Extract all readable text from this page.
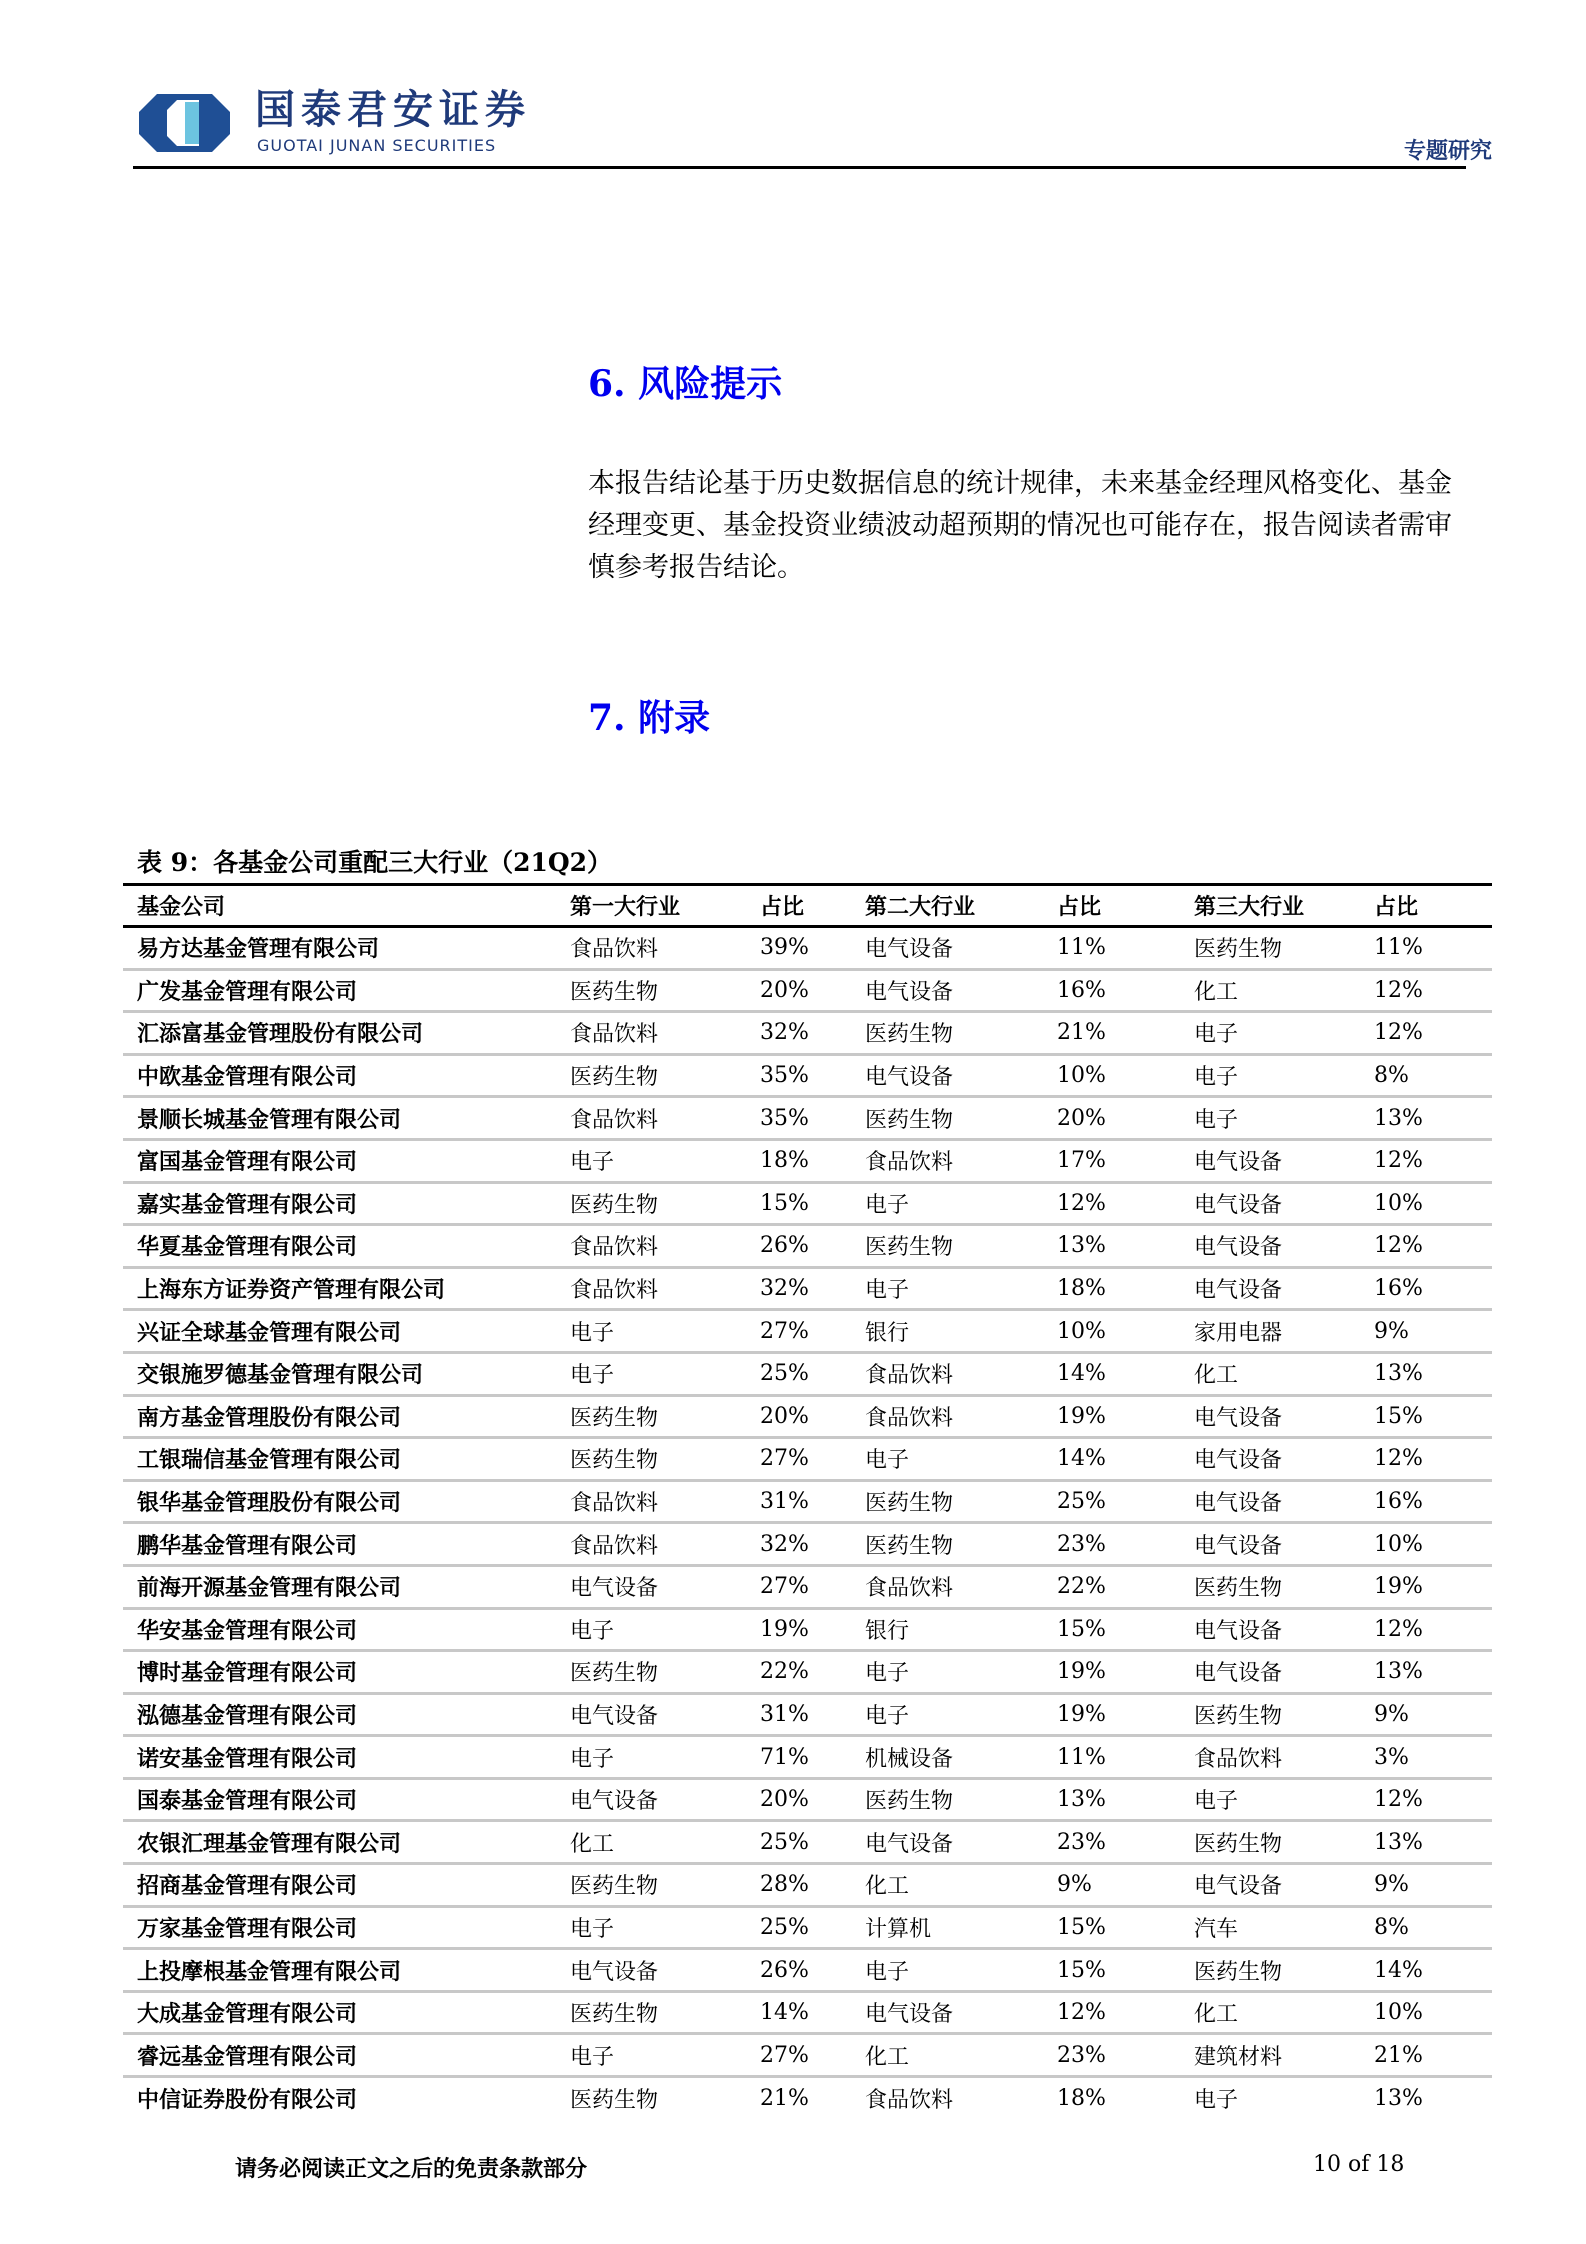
国泰君安证券
GUOTAI JUNAN SECURITIES	专题研究
6. 风险提示
本报告结论基于历史数据信息的统计规律，未来基金经理风格变化、基金经理变更、基金投资业绩波动超预期的情况也可能存在，报告阅读者需审慎参考报告结论。
7. 附录
表 9：各基金公司重配三大行业（21Q2）
基金公司	第一大行业	占比	第二大行业	占比	第三大行业	占比
易方达基金管理有限公司	食品饮料	39%	电气设备	11%	医药生物	11%
广发基金管理有限公司	医药生物	20%	电气设备	16%	化工	12%
汇添富基金管理股份有限公司	食品饮料	32%	医药生物	21%	电子	12%
中欧基金管理有限公司	医药生物	35%	电气设备	10%	电子	8%
景顺长城基金管理有限公司	食品饮料	35%	医药生物	20%	电子	13%
富国基金管理有限公司	电子	18%	食品饮料	17%	电气设备	12%
嘉实基金管理有限公司	医药生物	15%	电子	12%	电气设备	10%
华夏基金管理有限公司	食品饮料	26%	医药生物	13%	电气设备	12%
上海东方证券资产管理有限公司	食品饮料	32%	电子	18%	电气设备	16%
兴证全球基金管理有限公司	电子	27%	银行	10%	家用电器	9%
交银施罗德基金管理有限公司	电子	25%	食品饮料	14%	化工	13%
南方基金管理股份有限公司	医药生物	20%	食品饮料	19%	电气设备	15%
工银瑞信基金管理有限公司	医药生物	27%	电子	14%	电气设备	12%
银华基金管理股份有限公司	食品饮料	31%	医药生物	25%	电气设备	16%
鹏华基金管理有限公司	食品饮料	32%	医药生物	23%	电气设备	10%
前海开源基金管理有限公司	电气设备	27%	食品饮料	22%	医药生物	19%
华安基金管理有限公司	电子	19%	银行	15%	电气设备	12%
博时基金管理有限公司	医药生物	22%	电子	19%	电气设备	13%
泓德基金管理有限公司	电气设备	31%	电子	19%	医药生物	9%
诺安基金管理有限公司	电子	71%	机械设备	11%	食品饮料	3%
国泰基金管理有限公司	电气设备	20%	医药生物	13%	电子	12%
农银汇理基金管理有限公司	化工	25%	电气设备	23%	医药生物	13%
招商基金管理有限公司	医药生物	28%	化工	9%	电气设备	9%
万家基金管理有限公司	电子	25%	计算机	15%	汽车	8%
上投摩根基金管理有限公司	电气设备	26%	电子	15%	医药生物	14%
大成基金管理有限公司	医药生物	14%	电气设备	12%	化工	10%
睿远基金管理有限公司	电子	27%	化工	23%	建筑材料	21%
中信证券股份有限公司	医药生物	21%	食品饮料	18%	电子	13%
请务必阅读正文之后的免责条款部分	10 of 18
